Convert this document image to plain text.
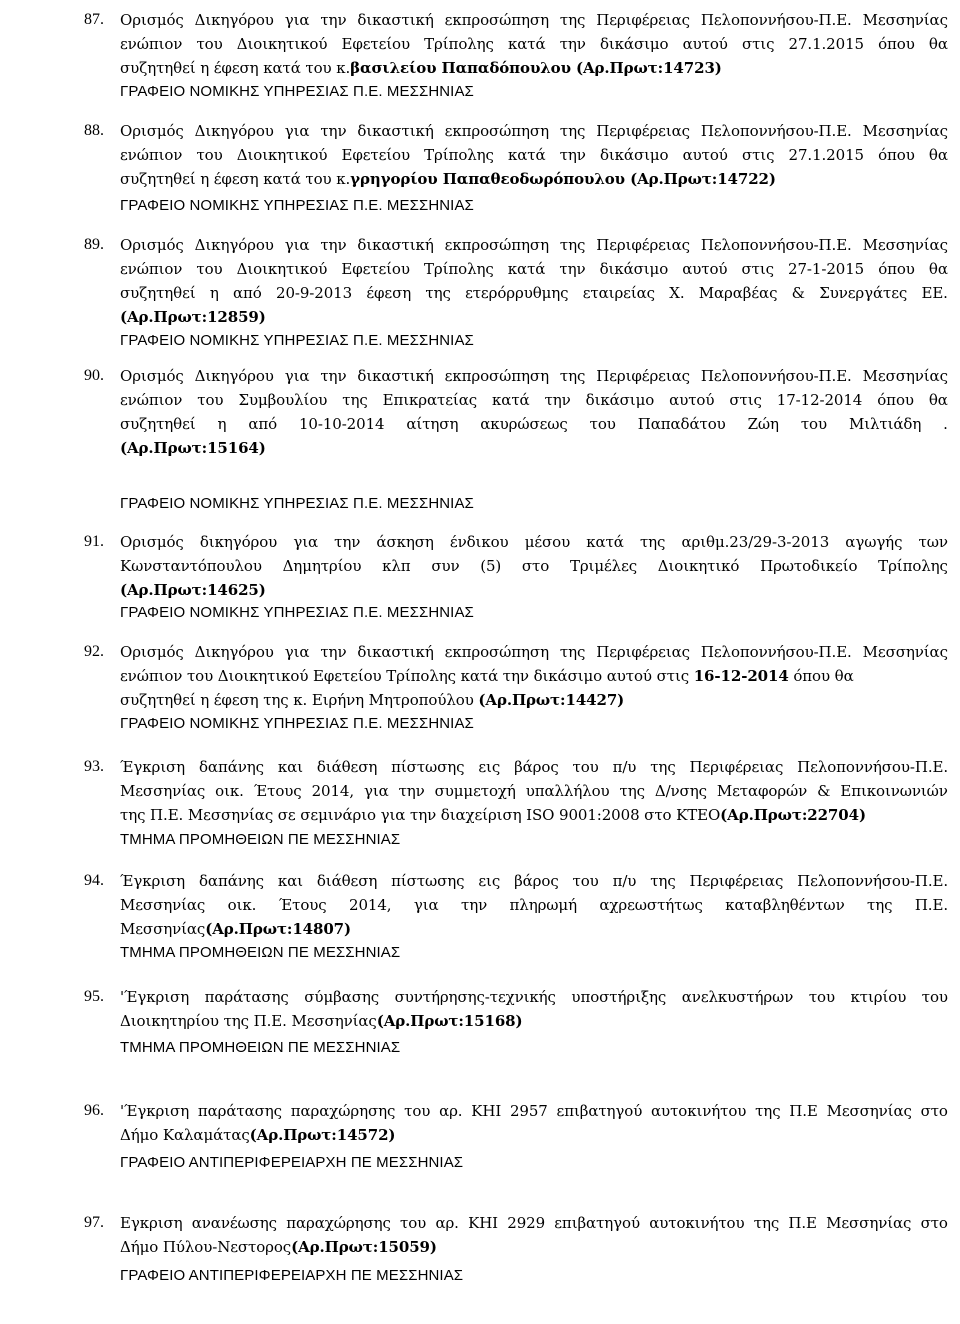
87. Ορισμός Δικηγόρου για την δικαστική εκπροσώπηση της Περιφέρειας Πελοποννήσου-Π.Ε. Μεσσηνίας
ενώπιον του Διοικητικού Εφετείου Τρίπολης κατά την δικάσιμο αυτού στις 27.1.2015 όπου θα
συζητηθεί η έφεση κατά του κ.βασιλείου Παπαδόπουλου (Αρ.Πρωτ:14723)
ΓΡΑΦΕΙΟ ΝΟΜΙΚΗΣ ΥΠΗΡΕΣΙΑΣ Π.Ε. ΜΕΣΣΗΝΙΑΣ
88. Ορισμός Δικηγόρου για την δικαστική εκπροσώπηση της Περιφέρειας Πελοποννήσου-Π.Ε. Μεσσηνίας
ενώπιον του Διοικητικού Εφετείου Τρίπολης κατά την δικάσιμο αυτού στις 27.1.2015 όπου θα
συζητηθεί η έφεση κατά του κ.γρηγορίου Παπαθεοδωρόπουλου (Αρ.Πρωτ:14722)
ΓΡΑΦΕΙΟ ΝΟΜΙΚΗΣ ΥΠΗΡΕΣΙΑΣ Π.Ε. ΜΕΣΣΗΝΙΑΣ
89. Ορισμός Δικηγόρου για την δικαστική εκπροσώπηση της Περιφέρειας Πελοποννήσου-Π.Ε. Μεσσηνίας
ενώπιον του Διοικητικού Εφετείου Τρίπολης κατά την δικάσιμο αυτού στις 27-1-2015 όπου θα
συζητηθεί η από 20-9-2013 έφεση της ετερόρρυθμης εταιρείας Χ. Μαραβέας & Συνεργάτες ΕΕ.
(Αρ.Πρωτ:12859)
ΓΡΑΦΕΙΟ ΝΟΜΙΚΗΣ ΥΠΗΡΕΣΙΑΣ Π.Ε. ΜΕΣΣΗΝΙΑΣ
90. Ορισμός Δικηγόρου για την δικαστική εκπροσώπηση της Περιφέρειας Πελοποννήσου-Π.Ε. Μεσσηνίας
ενώπιον του Συμβουλίου της Επικρατείας κατά την δικάσιμο αυτού στις 17-12-2014 όπου θα
συζητηθεί η από 10-10-2014 αίτηση ακυρώσεως του Παπαδάτου Ζώη του Μιλτιάδη .
(Αρ.Πρωτ:15164)
ΓΡΑΦΕΙΟ ΝΟΜΙΚΗΣ ΥΠΗΡΕΣΙΑΣ Π.Ε. ΜΕΣΣΗΝΙΑΣ
91. Ορισμός δικηγόρου για την άσκηση ένδικου μέσου κατά της αριθμ.23/29-3-2013 αγωγής των
Κωνσταντόπουλου Δημητρίου κλπ συν (5) στο Τριμέλες Διοικητικό Πρωτοδικείο Τρίπολης
(Αρ.Πρωτ:14625)
ΓΡΑΦΕΙΟ ΝΟΜΙΚΗΣ ΥΠΗΡΕΣΙΑΣ Π.Ε. ΜΕΣΣΗΝΙΑΣ
92. Ορισμός Δικηγόρου για την δικαστική εκπροσώπηση της Περιφέρειας Πελοποννήσου-Π.Ε. Μεσσηνίας
ενώπιον του Διοικητικού Εφετείου Τρίπολης κατά την δικάσιμο αυτού στις 16-12-2014 όπου θα
συζητηθεί η έφεση της κ. Ειρήνη Μητροπούλου (Αρ.Πρωτ:14427)
ΓΡΑΦΕΙΟ ΝΟΜΙΚΗΣ ΥΠΗΡΕΣΙΑΣ Π.Ε. ΜΕΣΣΗΝΙΑΣ
93. Έγκριση δαπάνης και διάθεση πίστωσης εις βάρος του π/υ της Περιφέρειας Πελοποννήσου-Π.Ε.
Μεσσηνίας οικ. Έτους 2014, για την συμμετοχή υπαλλήλου της Δ/νσης Μεταφορών & Επικοινωνιών
της Π.Ε. Μεσσηνίας σε σεμινάριο για την διαχείριση ISO 9001:2008 στο ΚΤΕΟ(Αρ.Πρωτ:22704)
ΤΜΗΜΑ ΠΡΟΜΗΘΕΙΩΝ ΠΕ ΜΕΣΣΗΝΙΑΣ
94. Έγκριση δαπάνης και διάθεση πίστωσης εις βάρος του π/υ της Περιφέρειας Πελοποννήσου-Π.Ε.
Μεσσηνίας οικ. Έτους 2014, για την πληρωμή αχρεωστήτως καταβληθέντων της Π.Ε.
Μεσσηνίας(Αρ.Πρωτ:14807)
ΤΜΗΜΑ ΠΡΟΜΗΘΕΙΩΝ ΠΕ ΜΕΣΣΗΝΙΑΣ
95. 'Έγκριση παράτασης σύμβασης συντήρησης-τεχνικής υποστήριξης ανελκυστήρων του κτιρίου του
Διοικητηρίου της Π.Ε. Μεσσηνίας(Αρ.Πρωτ:15168)
ΤΜΗΜΑ ΠΡΟΜΗΘΕΙΩΝ ΠΕ ΜΕΣΣΗΝΙΑΣ
96. 'Έγκριση παράτασης παραχώρησης του αρ. ΚΗΙ 2957 επιβατηγού αυτοκινήτου της Π.Ε Μεσσηνίας στο
Δήμο Καλαμάτας(Αρ.Πρωτ:14572)
ΓΡΑΦΕΙΟ ΑΝΤΙΠΕΡΙΦΕΡΕΙΑΡΧΗ ΠΕ ΜΕΣΣΗΝΙΑΣ
97. Εγκριση ανανέωσης παραχώρησης του αρ. ΚΗΙ 2929 επιβατηγού αυτοκινήτου της Π.Ε Μεσσηνίας στο
Δήμο Πύλου-Νεστορος(Αρ.Πρωτ:15059)
ΓΡΑΦΕΙΟ ΑΝΤΙΠΕΡΙΦΕΡΕΙΑΡΧΗ ΠΕ ΜΕΣΣΗΝΙΑΣ
